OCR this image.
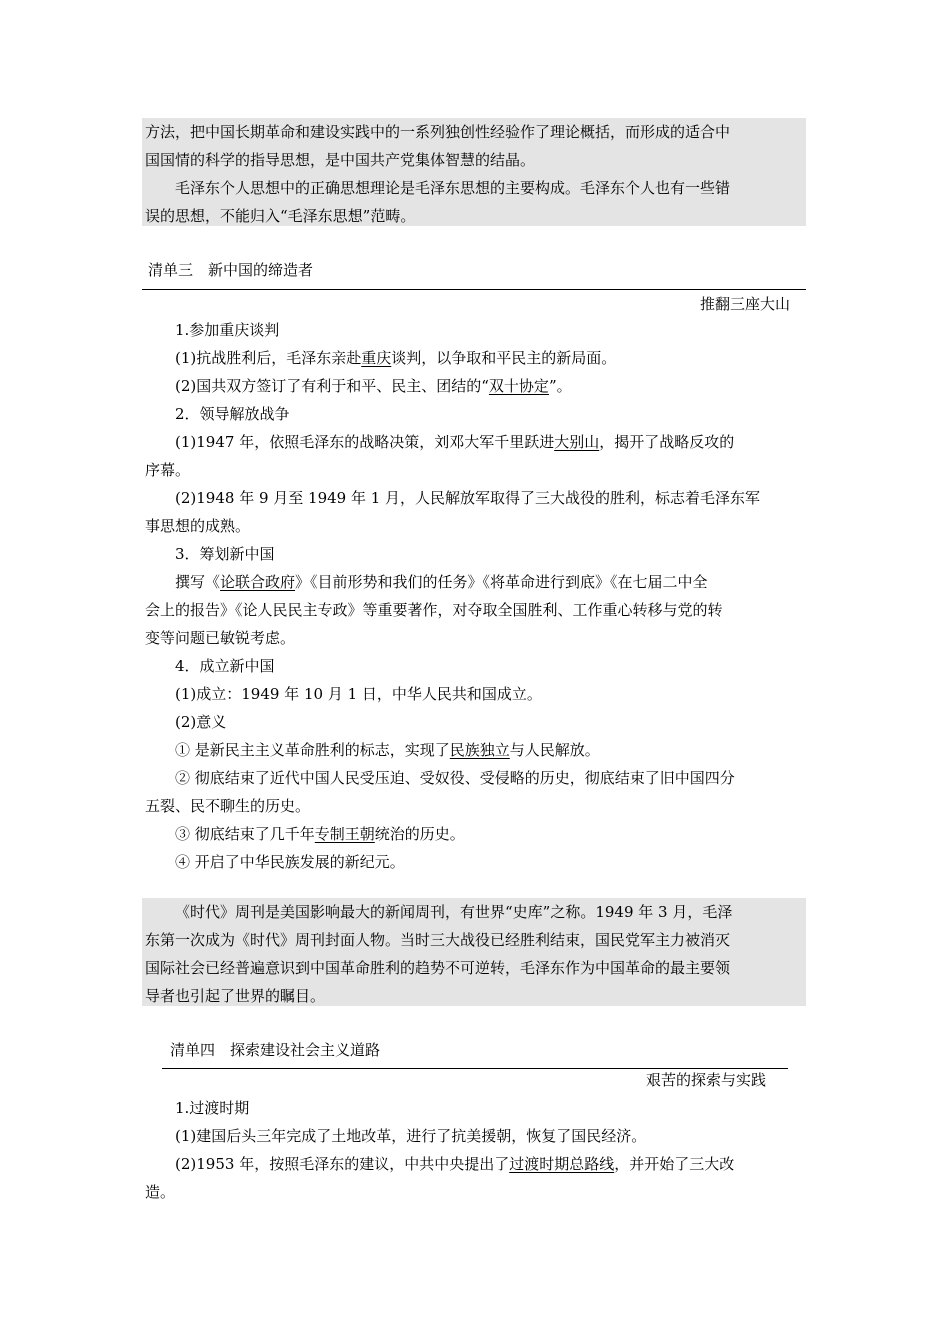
方法，把中国长期革命和建设实践中的一系列独创性经验作了理论概括，而形成的适合中
国国情的科学的指导思想，是中国共产党集体智慧的结晶。
毛泽东个人思想中的正确思想理论是毛泽东思想的主要构成。毛泽东个人也有一些错
误的思想，不能归入“毛泽东思想”范畴。
清单三　新中国的缔造者
推翻三座大山
1.参加重庆谈判
(1)抗战胜利后，毛泽东亲赴重庆谈判，以争取和平民主的新局面。
(2)国共双方签订了有利于和平、民主、团结的“双十协定”。
2．领导解放战争
(1)1947 年，依照毛泽东的战略决策，刘邓大军千里跃进大别山，揭开了战略反攻的
序幕。
(2)1948 年 9 月至 1949 年 1 月，人民解放军取得了三大战役的胜利，标志着毛泽东军
事思想的成熟。
3．筹划新中国
撰写《论联合政府》《目前形势和我们的任务》《将革命进行到底》《在七届二中全
会上的报告》《论人民民主专政》等重要著作，对夺取全国胜利、工作重心转移与党的转
变等问题已敏锐考虑。
4．成立新中国
(1)成立：1949 年 10 月 1 日，中华人民共和国成立。
(2)意义
① 是新民主主义革命胜利的标志，实现了民族独立与人民解放。
② 彻底结束了近代中国人民受压迫、受奴役、受侵略的历史，彻底结束了旧中国四分
五裂、民不聊生的历史。
③ 彻底结束了几千年专制王朝统治的历史。
④ 开启了中华民族发展的新纪元。
《时代》周刊是美国影响最大的新闻周刊，有世界“史库”之称。1949 年 3 月，毛泽
东第一次成为《时代》周刊封面人物。当时三大战役已经胜利结束，国民党军主力被消灭
国际社会已经普遍意识到中国革命胜利的趋势不可逆转，毛泽东作为中国革命的最主要领
导者也引起了世界的瞩目。
清单四　探索建设社会主义道路
艰苦的探索与实践
1.过渡时期
(1)建国后头三年完成了土地改革，进行了抗美援朝，恢复了国民经济。
(2)1953 年，按照毛泽东的建议，中共中央提出了过渡时期总路线，并开始了三大改
造。
